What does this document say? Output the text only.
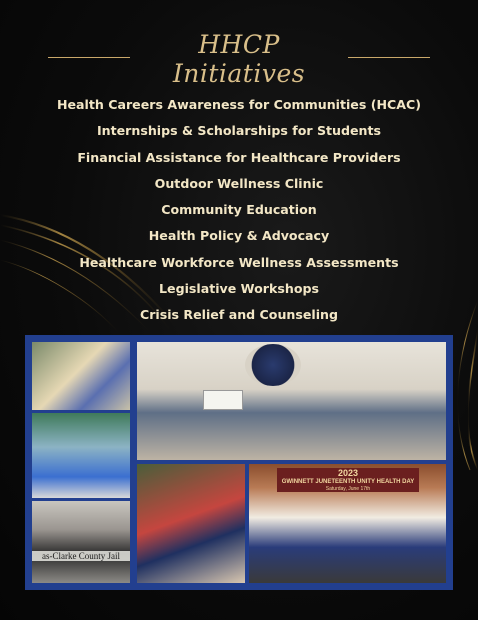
HHCP Initiatives
Health Careers Awareness for Communities (HCAC)
Internships & Scholarships for Students
Financial Assistance for Healthcare Providers
Outdoor Wellness Clinic
Community Education
Health Policy & Advocacy
Healthcare Workforce Wellness Assessments
Legislative Workshops
Crisis Relief and Counseling
as-Clarke County Jail
2023
GWINNETT JUNETEENTH UNITY HEALTH DAY
Saturday, June 17th
